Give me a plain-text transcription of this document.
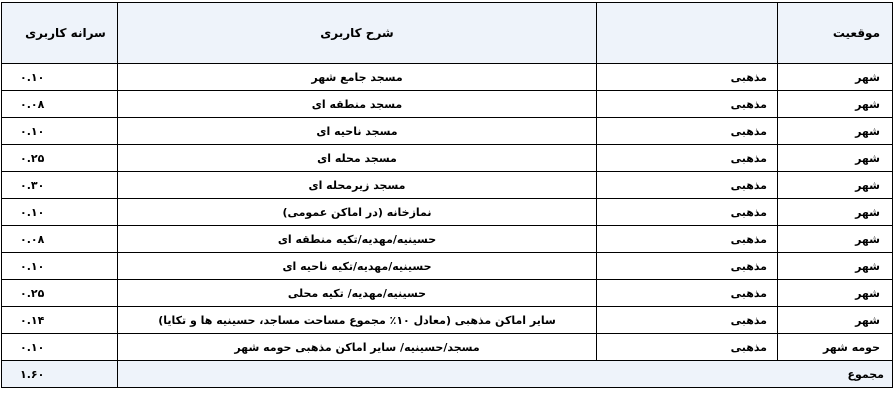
موقعیت		شرح کاربری	سرانه کاربری
شهر	مذهبی	مسجد جامع شهر	۰.۱۰
شهر	مذهبی	مسجد منطقه ای	۰.۰۸
شهر	مذهبی	مسجد ناحیه ای	۰.۱۰
شهر	مذهبی	مسجد محله ای	۰.۲۵
شهر	مذهبی	مسجد زیرمحله ای	۰.۳۰
شهر	مذهبی	نمازخانه (در اماکن عمومی)	۰.۱۰
شهر	مذهبی	حسینیه/مهدیه/تکیه منطقه ای	۰.۰۸
شهر	مذهبی	حسینیه/مهدیه/تکیه ناحیه ای	۰.۱۰
شهر	مذهبی	حسینیه/مهدیه/ تکیه محلی	۰.۲۵
شهر	مذهبی	سایر اماکن مذهبی (معادل ۱۰٪ مجموع مساحت مساجد، حسینیه ها و تکایا)	۰.۱۴
حومه شهر	مذهبی	مسجد/حسینیه/ سایر اماکن مذهبی حومه شهر	۰.۱۰
مجموع			۱.۶۰
